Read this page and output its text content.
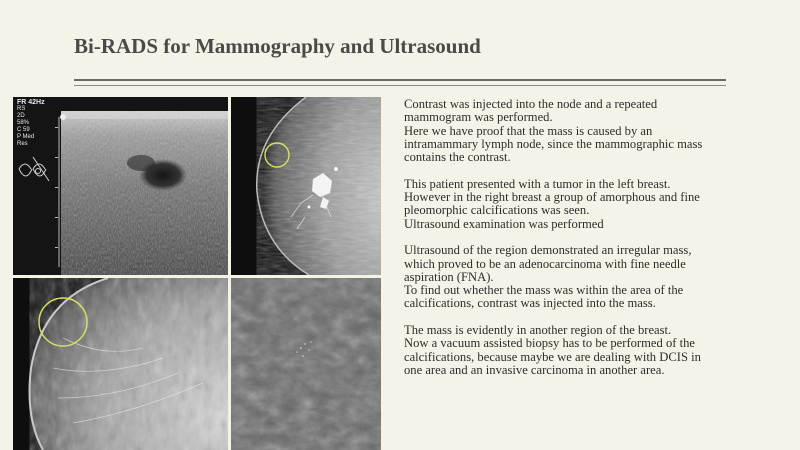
Bi-RADS for Mammography and Ultrasound
FR 42Hz
RS
2D
58%
C 59
P Med
Res

Contrast was injected into the node and a repeated
mammogram was performed.
Here we have proof that the mass is caused by an
intramammary lymph node, since the mammographic mass
contains the contrast.

This patient presented with a tumor in the left breast.
However in the right breast a group of amorphous and fine
pleomorphic calcifications was seen.
Ultrasound examination was performed

Ultrasound of the region demonstrated an irregular mass,
which proved to be an adenocarcinoma with fine needle
aspiration (FNA).
To find out whether the mass was within the area of the
calcifications, contrast was injected into the mass.

The mass is evidently in another region of the breast.
Now a vacuum assisted biopsy has to be performed of the
calcifications, because maybe we are dealing with DCIS in
one area and an invasive carcinoma in another area.
